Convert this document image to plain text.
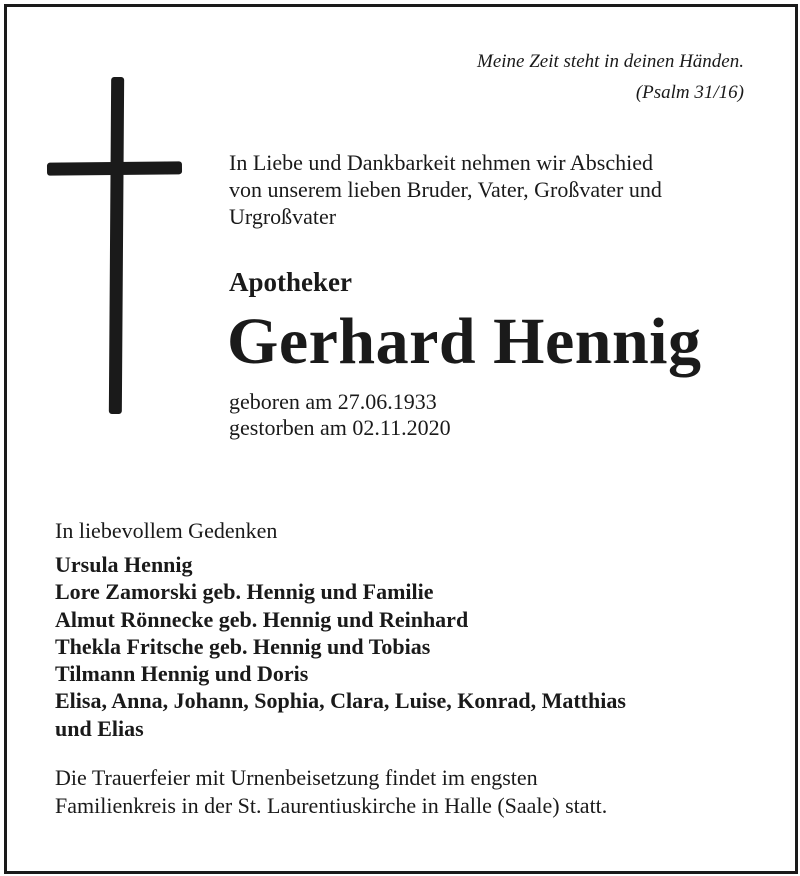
Meine Zeit steht in deinen Händen.
(Psalm 31/16)
In Liebe und Dankbarkeit nehmen wir Abschied
von unserem lieben Bruder, Vater, Großvater und
Urgroßvater
Apotheker
Gerhard Hennig
geboren am 27.06.1933
gestorben am 02.11.2020
In liebevollem Gedenken
Ursula Hennig
Lore Zamorski geb. Hennig und Familie
Almut Rönnecke geb. Hennig und Reinhard
Thekla Fritsche geb. Hennig und Tobias
Tilmann Hennig und Doris
Elisa, Anna, Johann, Sophia, Clara, Luise, Konrad, Matthias
und Elias
Die Trauerfeier mit Urnenbeisetzung findet im engsten
Familienkreis in der St. Laurentiuskirche in Halle (Saale) statt.
